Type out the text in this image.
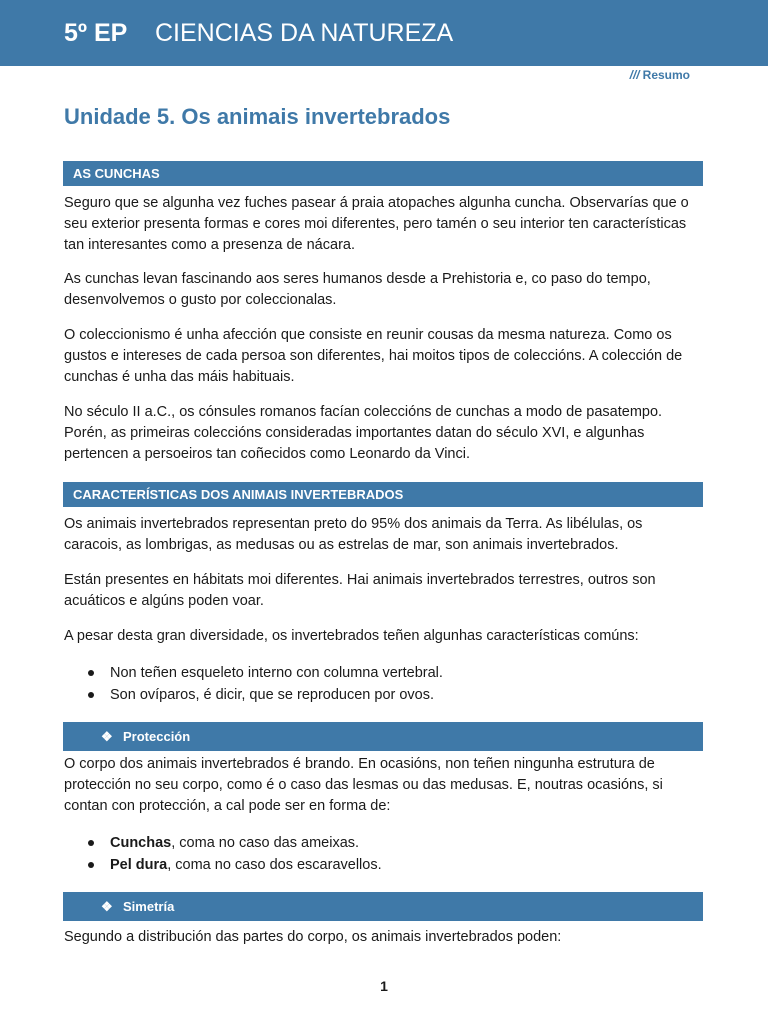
5º EP CIENCIAS DA NATUREZA
/// Resumo
Unidade 5. Os animais invertebrados
AS CUNCHAS

Seguro que se algunha vez fuches pasear á praia atopaches algunha cuncha. Observarías que o seu exterior presenta formas e cores moi diferentes, pero tamén o seu interior ten características tan interesantes como a presenza de nácara.

As cunchas levan fascinando aos seres humanos desde a Prehistoria e, co paso do tempo, desenvolvemos o gusto por coleccionalas.

O coleccionismo é unha afección que consiste en reunir cousas da mesma natureza. Como os gustos e intereses de cada persoa son diferentes, hai moitos tipos de coleccións. A colección de cunchas é unha das máis habituais.

No século II a.C., os cónsules romanos facían coleccións de cunchas a modo de pasatempo. Porén, as primeiras coleccións consideradas importantes datan do século XVI, e algunhas pertencen a persoeiros tan coñecidos como Leonardo da Vinci.

CARACTERÍSTICAS DOS ANIMAIS INVERTEBRADOS

Os animais invertebrados representan preto do 95% dos animais da Terra. As libélulas, os caracois, as lombrigas, as medusas ou as estrelas de mar, son animais invertebrados.

Están presentes en hábitats moi diferentes. Hai animais invertebrados terrestres, outros son acuáticos e algúns poden voar.

A pesar desta gran diversidade, os invertebrados teñen algunhas características comúns:

Non teñen esqueleto interno con columna vertebral.
Son ovíparos, é dicir, que se reproducen por ovos.
❖ Protección

O corpo dos animais invertebrados é brando. En ocasións, non teñen ningunha estrutura de protección no seu corpo, como é o caso das lesmas ou das medusas. E, noutras ocasións, si contan con protección, a cal pode ser en forma de:

Cunchas, coma no caso das ameixas.
Pel dura, coma no caso dos escaravellos.
❖ Simetría

Segundo a distribución das partes do corpo, os animais invertebrados poden:

1
